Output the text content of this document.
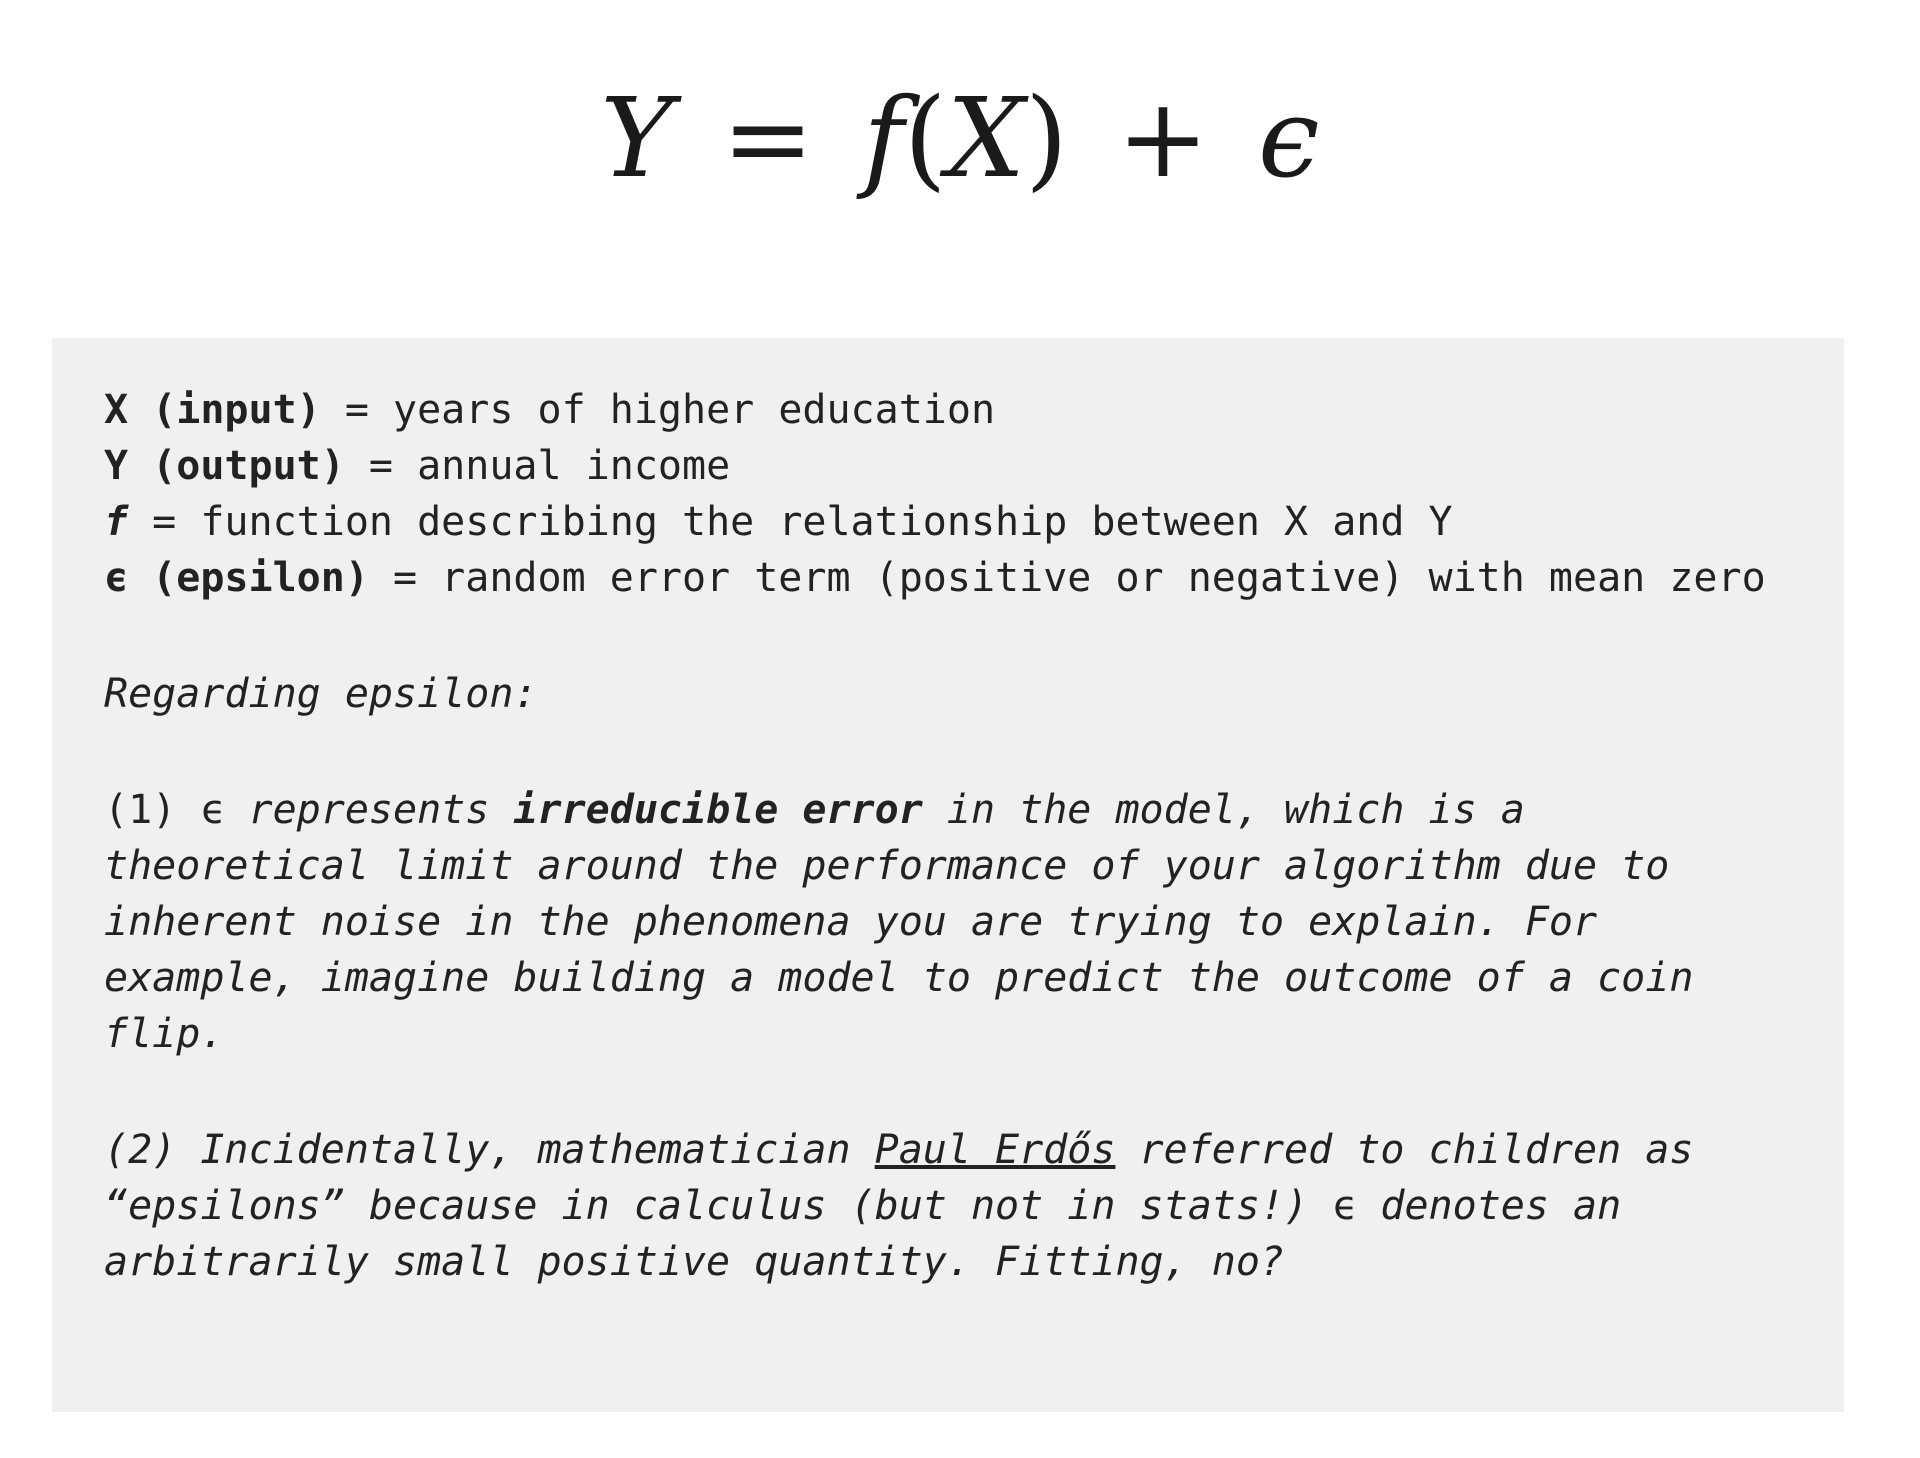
Y = f(X) + ϵ
X (input) = years of higher education
Y (output) = annual income
f = function describing the relationship between X and Y
ϵ (epsilon) = random error term (positive or negative) with mean zero

Regarding epsilon:

(1) ϵ represents irreducible error in the model, which is a theoretical limit around the performance of your algorithm due to inherent noise in the phenomena you are trying to explain. For example, imagine building a model to predict the outcome of a coin flip.

(2) Incidentally, mathematician Paul Erdős referred to children as “epsilons” because in calculus (but not in stats!) ϵ denotes an arbitrarily small positive quantity. Fitting, no?
